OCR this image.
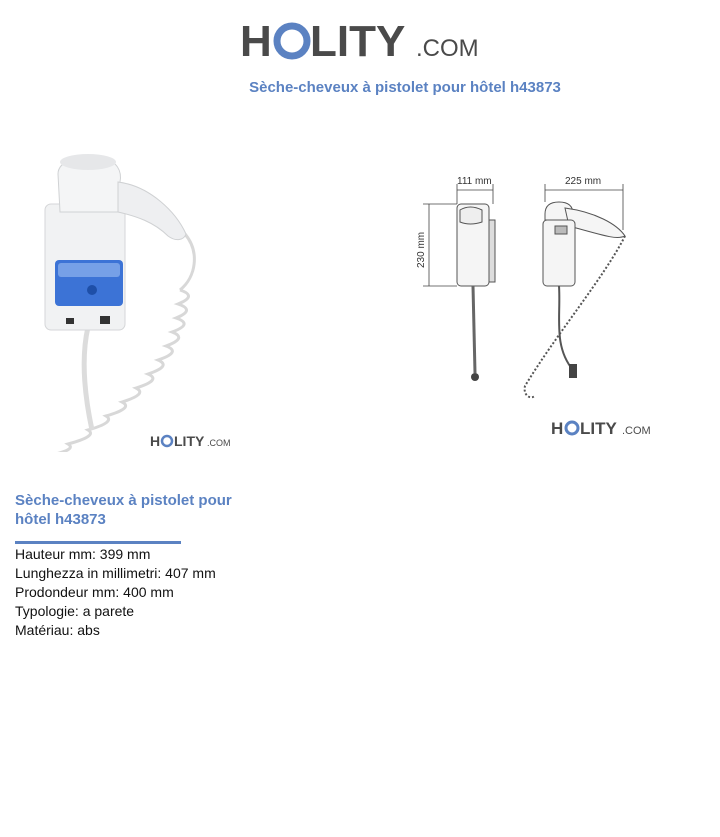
H LITY .COM
Sèche-cheveux à pistolet pour hôtel h43873
H LITY .COM
111 mm	225 mm
230 mm
H LITY .COM
Sèche-cheveux à pistolet pour hôtel h43873
Hauteur mm: 399 mm
Lunghezza in millimetri: 407 mm
Prodondeur mm: 400 mm
Typologie: a parete
Matériau: abs
